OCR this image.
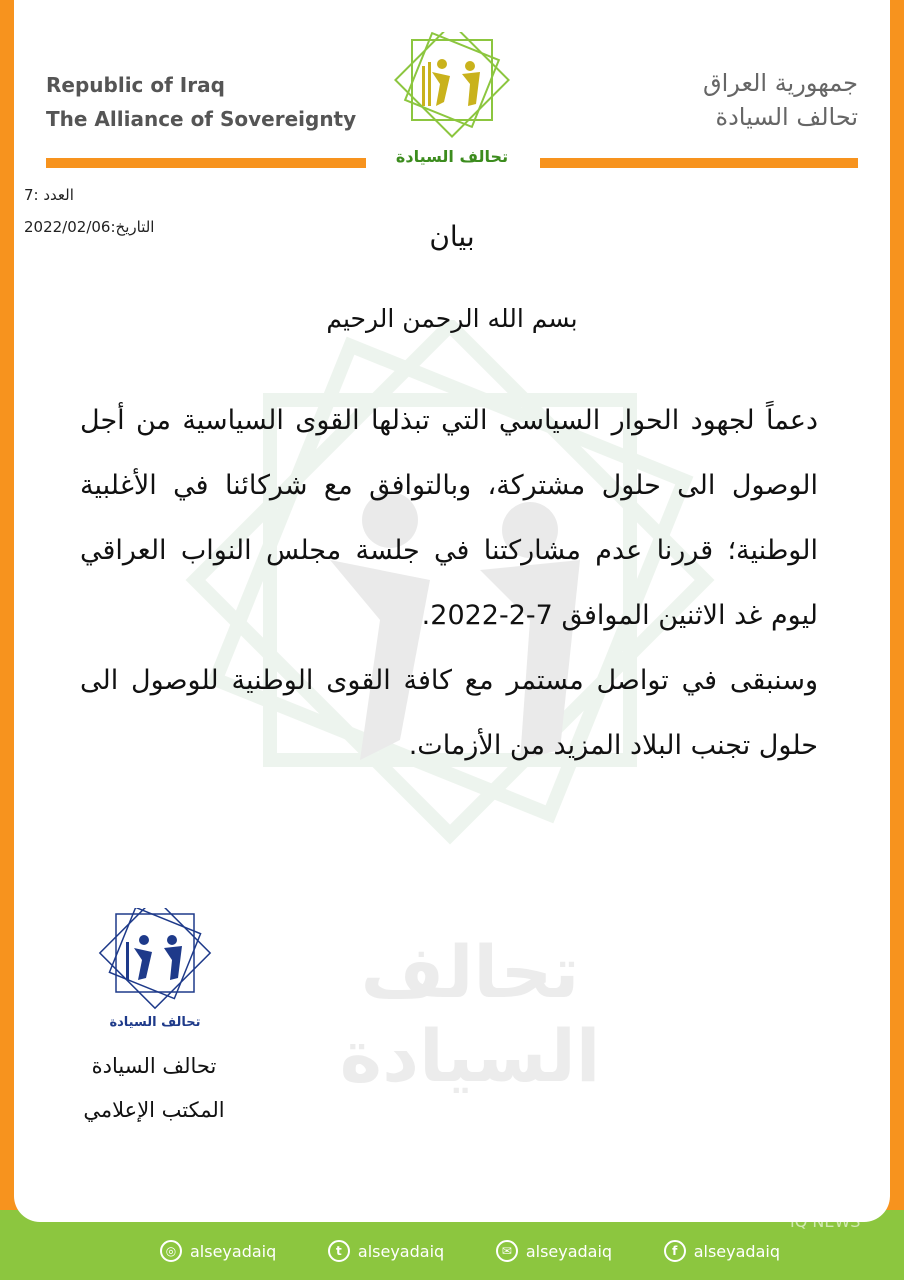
Republic of Iraq
The Alliance of Sovereignty
جمهورية العراق
تحالف السيادة
تحالف السيادة
تحالف السيادة
العدد :
7
التاريخ:
2022/02/06	بيان
بسم الله الرحمن الرحيم

دعماً لجهود الحوار السياسي التي تبذلها القوى السياسية من أجل الوصول الى حلول مشتركة، وبالتوافق مع شركائنا في الأغلبية الوطنية؛ قررنا عدم مشاركتنا في جلسة مجلس النواب العراقي ليوم غد الاثنين الموافق 7-2-2022.

وسنبقى في تواصل مستمر مع كافة القوى الوطنية للوصول الى حلول تجنب البلاد المزيد من الأزمات.

تحالف السيادة
تحالف السيادة
المكتب الإعلامي
◎ alseyadaiq	t	alseyadaiq	✉ alseyadaiq	f	alseyadaiq
IQ NEWS
